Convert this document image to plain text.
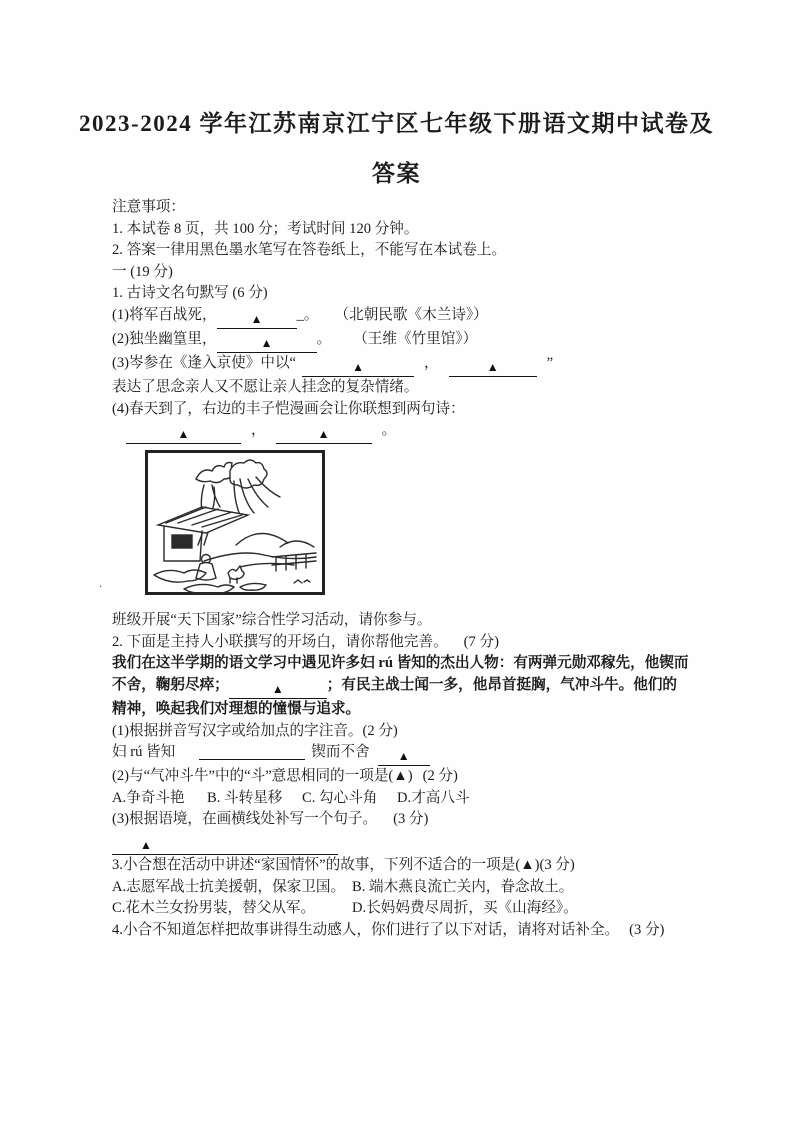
2023-2024 学年江苏南京江宁区七年级下册语文期中试卷及
答案
.

注意事项：

1. 本试卷 8 页，共 100 分；考试时间 120 分钟。

2. 答案一律用黑色墨水笔写在答卷纸上，不能写在本试卷上。

一 (19 分)

1. 古诗文名句默写 (6 分)

(1)将军百战死，	▲ _。 （北朝民歌《木兰诗》）

(2)独坐幽篁里，	▲	。 （王维《竹里馆》）

(3)岑参在《逢入京使》中以“	▲	，	▲	”

表达了思念亲人又不愿让亲人挂念的复杂情绪。

(4)春天到了，右边的丰子恺漫画会让你联想到两句诗：

▲	，	▲	。

班级开展“天下国家”综合性学习活动，请你参与。

2. 下面是主持人小联撰写的开场白，请你帮他完善。 (7 分)

我们在这半学期的语文学习中遇见许多妇 rú 皆知的杰出人物：有两弹元勋邓稼先，他锲而

不舍，鞠躬尽瘁；	▲	；有民主战士闻一多，他昂首挺胸，气冲斗牛。他们的

精神，唤起我们对理想的憧憬与追求。

(1)根据拼音写汉字或给加点的字注音。(2 分)

妇 rú 皆知	锲而不舍 ▲

(2)与“气冲斗牛”中的“斗”意思相同的一项是(▲) (2 分)

A.争奇斗艳 B. 斗转星移 C. 勾心斗角 D.才高八斗

(3)根据语境，在画横线处补写一个句子。 (3 分)

▲

3.小合想在活动中讲述“家国情怀”的故事，下列不适合的一项是(▲)(3 分)

A.志愿军战士抗美援朝，保家卫国。 B. 端木燕良流亡关内，眷念故土。

C.花木兰女扮男装，替父从军。	D.长妈妈费尽周折，买《山海经》。

4.小合不知道怎样把故事讲得生动感人，你们进行了以下对话，请将对话补全。 (3 分)
